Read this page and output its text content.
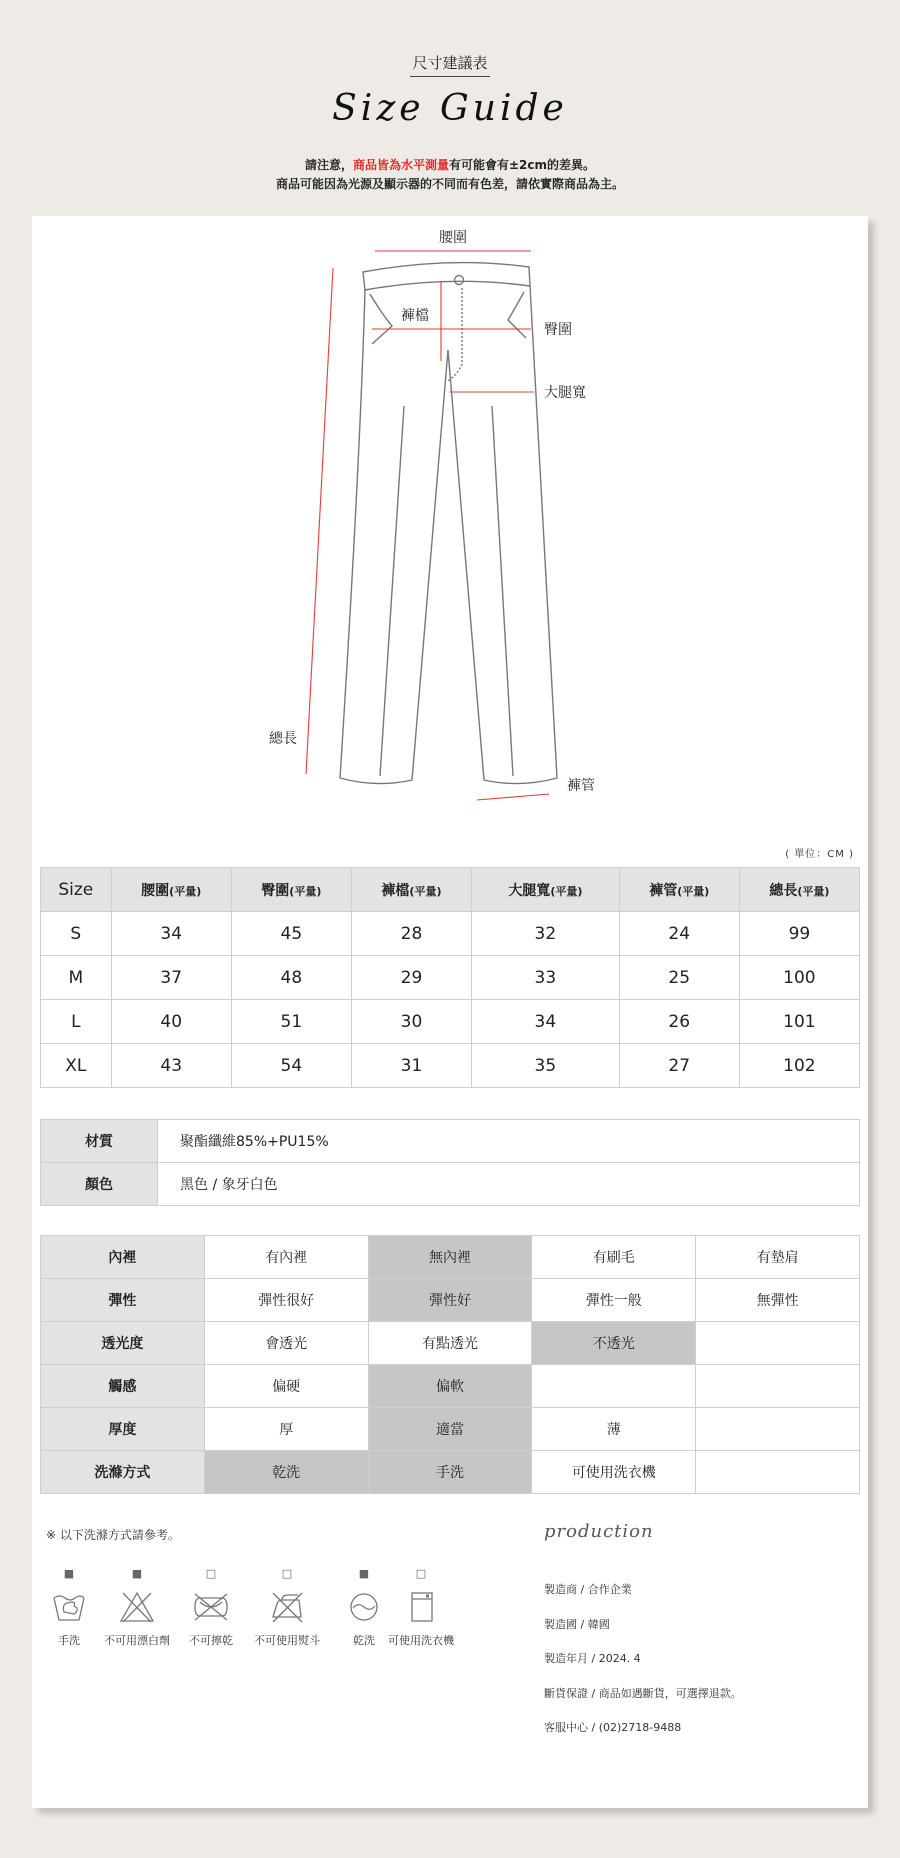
尺寸建議表
Size Guide
請注意，商品皆為水平測量有可能會有±2cm的差異。
商品可能因為光源及顯示器的不同而有色差，請依實際商品為主。
腰圍
褲檔
臀圍
大腿寬
總長
褲管
( 單位：CM )
Size	腰圍(平量)	臀圍(平量)	褲檔(平量)	大腿寬(平量)	褲管(平量)	總長(平量)
S	34	45	28	32	24	99
M	37	48	29	33	25	100
L	40	51	30	34	26	101
XL	43	54	31	35	27	102
材質	聚酯纖維85%+PU15%
顏色	黑色 / 象牙白色
內裡	有內裡	無內裡	有刷毛	有墊肩
彈性	彈性很好	彈性好	彈性一般	無彈性
透光度	會透光	有點透光	不透光	
觸感	偏硬	偏軟		
厚度	厚	適當	薄	
洗滌方式	乾洗	手洗	可使用洗衣機	
※ 以下洗滌方式請參考。
■
手洗
■
不可用漂白劑
□
不可擰乾
□
不可使用熨斗
■
乾洗
□
可使用洗衣機
production
製造商 / 合作企業
製造國 / 韓國
製造年月 / 2024. 4
斷貨保證 / 商品如遇斷貨，可選擇退款。
客服中心 / (02)2718-9488
